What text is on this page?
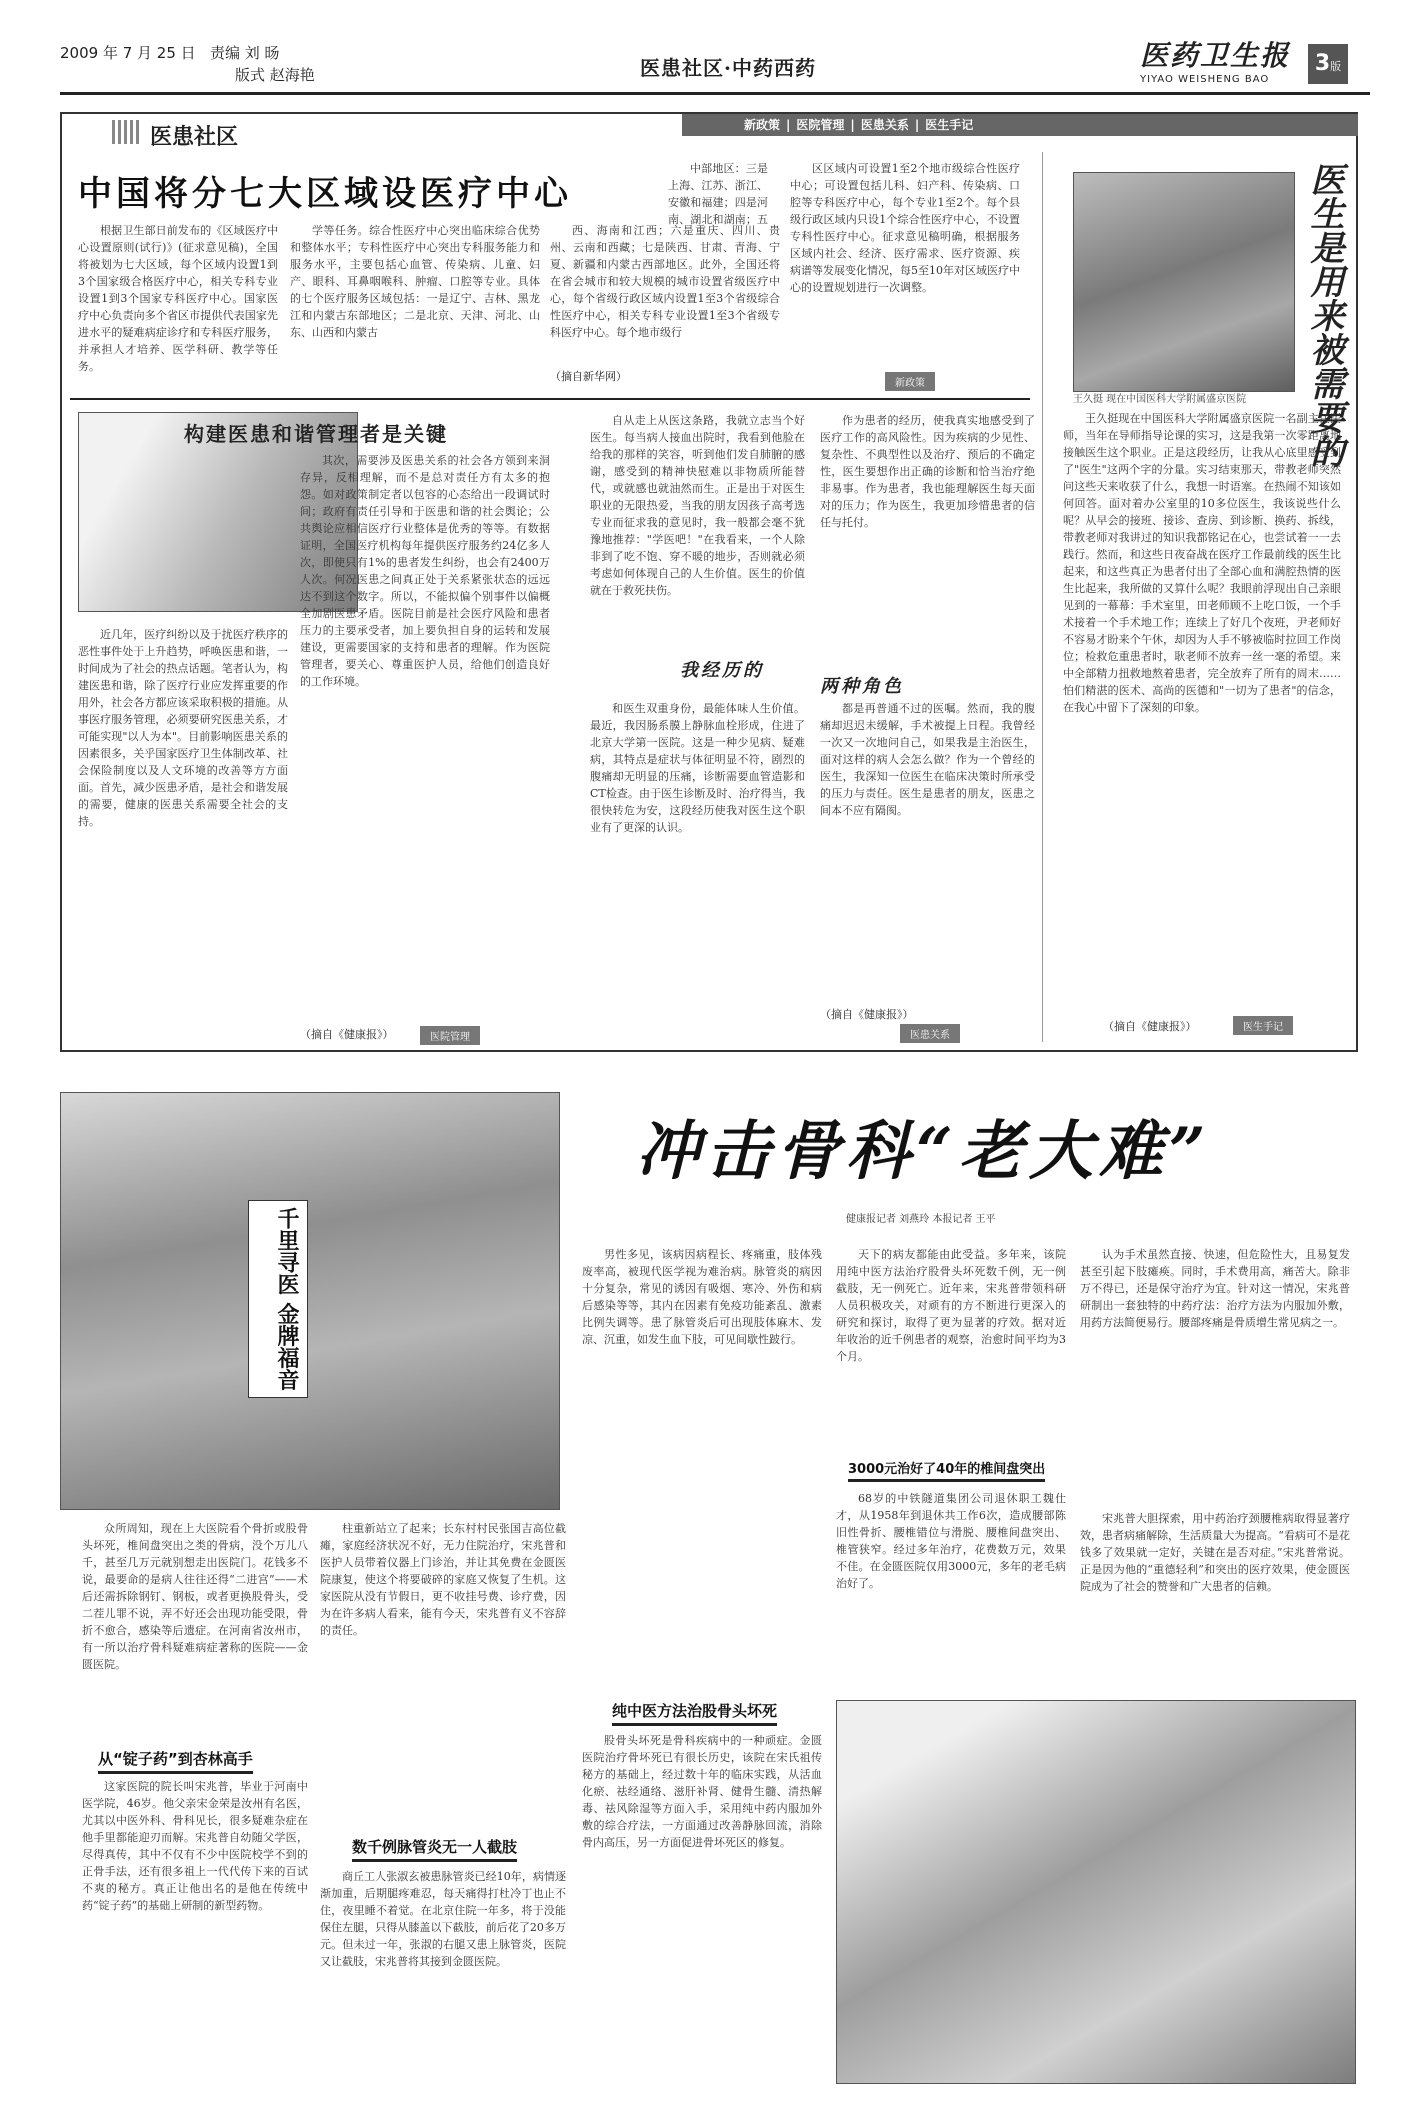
2009 年 7 月 25 日 责编 刘 旸
版式 赵海艳	医患社区·中药西药	医药卫生报
YIYAO WEISHENG BAO
3版
医患社区	新政策 | 医院管理 | 医患关系 | 医生手记
中国将分七大区域设医疗中心

中部地区：三是上海、江苏、浙江、安徽和福建；四是河南、湖北和湖南；五

根据卫生部日前发布的《区域医疗中心设置原则(试行)》(征求意见稿)，全国将被划为七大区域，每个区域内设置1到3个国家级合格医疗中心，相关专科专业设置1到3个国家专科医疗中心。国家医疗中心负责向多个省区市提供代表国家先进水平的疑难病症诊疗和专科医疗服务，并承担人才培养、医学科研、教学等任务。

学等任务。综合性医疗中心突出临床综合优势和整体水平；专科性医疗中心突出专科服务能力和服务水平，主要包括心血管、传染病、儿童、妇产、眼科、耳鼻咽喉科、肿瘤、口腔等专业。具体的七个医疗服务区域包括：一是辽宁、吉林、黑龙江和内蒙古东部地区；二是北京、天津、河北、山东、山西和内蒙古

西、海南和江西；六是重庆、四川、贵州、云南和西藏；七是陕西、甘肃、青海、宁夏、新疆和内蒙古西部地区。此外，全国还将在省会城市和较大规模的城市设置省级医疗中心，每个省级行政区域内设置1至3个省级综合性医疗中心，相关专科专业设置1至3个省级专科医疗中心。每个地市级行

区区域内可设置1至2个地市级综合性医疗中心；可设置包括儿科、妇产科、传染病、口腔等专科医疗中心，每个专业1至2个。每个县级行政区域内只设1个综合性医疗中心，不设置专科性医疗中心。征求意见稿明确，根据服务区域内社会、经济、医疗需求、医疗资源、疾病谱等发展变化情况，每5至10年对区域医疗中心的设置规划进行一次调整。

（摘自新华网）
新政策	医生是用来被需要的
王久挺 现在中国医科大学附属盛京医院

王久挺现在中国医科大学附属盛京医院一名副主任医师，当年在导师指导论课的实习，这是我第一次零距离地接触医生这个职业。正是这段经历，让我从心底里感受到了"医生"这两个字的分量。实习结束那天，带教老师突然问这些天来收获了什么，我想一时语塞。在热闹不知该如何回答。面对着办公室里的10多位医生，我该说些什么呢？从早会的接班、接诊、查房、到诊断、换药、拆线，带教老师对我讲过的知识我都铭记在心，也尝试着一一去践行。然而，和这些日夜奋战在医疗工作最前线的医生比起来，和这些真正为患者付出了全部心血和满腔热情的医生比起来，我所做的又算什么呢？我眼前浮现出自己亲眼见到的一幕幕：手术室里，田老师顾不上吃口饭，一个手术接着一个手术地工作；连续上了好几个夜班，尹老师好不容易才盼来个午休，却因为人手不够被临时拉回工作岗位；检救危重患者时，耿老师不放弃一丝一毫的希望。来中全部精力扭救地熬着患者，完全放弃了所有的周末……怕们精湛的医术、高尚的医德和"一切为了患者"的信念，在我心中留下了深刻的印象。

（摘自《健康报》）	医生手记
构建医患和谐管理者是关键

近几年，医疗纠纷以及于扰医疗秩序的恶性事件处于上升趋势，呼唤医患和谐，一时间成为了社会的热点话题。笔者认为，构建医患和谐，除了医疗行业应发挥重要的作用外，社会各方都应该采取积极的措施。从事医疗服务管理，必须要研究医患关系，才可能实现"以人为本"。目前影响医患关系的因素很多，关乎国家医疗卫生体制改革、社会保险制度以及人文环境的改善等方方面面。首先，减少医患矛盾，是社会和谐发展的需要，健康的医患关系需要全社会的支持。

其次，需要涉及医患关系的社会各方领到来洞存异，反相理解，而不是总对责任方有太多的抱怨。如对政策制定者以包容的心态给出一段调试时间；政府有责任引导和于医患和谐的社会舆论；公共舆论应相信医疗行业整体是优秀的等等。有数据证明，全国医疗机构每年提供医疗服务约24亿多人次，即使只有1%的患者发生纠纷，也会有2400万人次。何况医患之间真正处于关系紧张状态的远远达不到这个数字。所以，不能拟偏个别事件以偏概全加剧医患矛盾。医院目前是社会医疗风险和患者压力的主要承受者，加上要负担自身的运转和发展建设，更需要国家的支持和患者的理解。作为医院管理者，要关心、尊重医护人员，给他们创造良好的工作环境。

（摘自《健康报》）	医院管理

自从走上从医这条路，我就立志当个好医生。每当病人接血出院时，我看到他脸在给我的那样的笑容，听到他们发自肺腑的感谢，感受到的精神快慰难以非物质所能替代，或就感也就油然而生。正是出于对医生职业的无限热爱，当我的朋友因孩子高考选专业而征求我的意见时，我一般都会毫不犹豫地推荐："学医吧！"在我看来，一个人除非到了吃不饱、穿不暖的地步，否则就必须考虑如何体现自己的人生价值。医生的价值就在于救死扶伤。

作为患者的经历，使我真实地感受到了医疗工作的高风险性。因为疾病的少见性、复杂性、不典型性以及治疗、预后的不确定性，医生要想作出正确的诊断和恰当治疗绝非易事。作为患者，我也能理解医生每天面对的压力；作为医生，我更加珍惜患者的信任与托付。

我经历的
两种角色

和医生双重身份，最能体味人生价值。最近，我因肠系膜上静脉血栓形成，住进了北京大学第一医院。这是一种少见病、疑难病，其特点是症状与体征明显不符，剧烈的腹痛却无明显的压痛，诊断需要血管造影和CT检查。由于医生诊断及时、治疗得当，我很快转危为安，这段经历使我对医生这个职业有了更深的认识。

都是再普通不过的医嘱。然而，我的腹痛却迟迟未缓解，手术被提上日程。我曾经一次又一次地问自己，如果我是主治医生，面对这样的病人会怎么做？作为一个曾经的医生，我深知一位医生在临床决策时所承受的压力与责任。医生是患者的朋友，医患之间本不应有隔阂。

（摘自《健康报》）
医患关系
千里寻医 金牌福音
冲击骨科“老大难”
健康报记者 刘燕玲 本报记者 王平

众所周知，现在上大医院看个骨折或股骨头坏死，椎间盘突出之类的骨病，没个万儿八千，甚至几万元就别想走出医院门。花钱多不说，最要命的是病人往往还得“二进宫”——术后还需拆除钢钉、钢板，或者更换股骨头，受二茬儿罪不说，弄不好还会出现功能受限，骨折不愈合，感染等后遗症。在河南省汝州市，有一所以治疗骨科疑难病症著称的医院——金匮医院。

从“锭子药”到杏林高手

这家医院的院长叫宋兆普，毕业于河南中医学院，46岁。他父亲宋金荣是汝州有名医，尤其以中医外科、骨科见长，很多疑难杂症在他手里都能迎刃而解。宋兆普自幼随父学医，尽得真传，其中不仅有不少中医院校学不到的正骨手法，还有很多祖上一代代传下来的百试不爽的秘方。真正让他出名的是他在传统中药“锭子药”的基础上研制的新型药物。

柱重新站立了起来；长东村村民张国吉高位截瘫，家庭经济状况不好，无力住院治疗，宋兆普和医护人员带着仪器上门诊治，并让其免费在金匮医院康复，使这个将要破碎的家庭又恢复了生机。这家医院从没有节假日，更不收挂号费、诊疗费，因为在许多病人看来，能有今天，宋兆普有义不容辞的责任。

数千例脉管炎无一人截肢

商丘工人张淑玄被患脉管炎已经10年，病情逐渐加重，后期腿疼难忍，每天痛得打杜冷丁也止不住，夜里睡不着觉。在北京住院一年多，将于没能保住左腿，只得从膝盖以下截肢，前后花了20多万元。但未过一年，张淑的右腿又患上脉管炎，医院又让截肢，宋兆普将其接到金匮医院。

男性多见，该病因病程长、疼痛重，肢体残废率高，被现代医学视为难治病。脉管炎的病因十分复杂，常见的诱因有吸烟、寒冷、外伤和病后感染等等，其内在因素有免疫功能紊乱、激素比例失调等。患了脉管炎后可出现肢体麻木、发凉、沉重，如发生血下肢，可见间歇性跛行。

纯中医方法治股骨头坏死

股骨头坏死是骨科疾病中的一种顽症。金匮医院治疗骨坏死已有很长历史，该院在宋氏祖传秘方的基础上，经过数十年的临床实践，从活血化瘀、祛经通络、滋肝补肾、健骨生髓、清热解毒、祛风除湿等方面入手，采用纯中药内服加外敷的综合疗法，一方面通过改善静脉回流，消除骨内高压，另一方面促进骨坏死区的修复。

天下的病友都能由此受益。多年来，该院用纯中医方法治疗股骨头坏死数千例，无一例截肢，无一例死亡。近年来，宋兆普带领科研人员积极攻关，对顽有的方不断进行更深入的研究和探讨，取得了更为显著的疗效。据对近年收治的近千例患者的观察，治愈时间平均为3个月。

3000元治好了40年的椎间盘突出

68岁的中铁隧道集团公司退休职工魏仕才，从1958年到退休共工作6次，造成腰部陈旧性骨折、腰椎错位与滑脱、腰椎间盘突出、椎管狭窄。经过多年治疗，花费数万元，效果不佳。在金匮医院仅用3000元，多年的老毛病治好了。

认为手术虽然直接、快速，但危险性大，且易复发甚至引起下肢瘫痪。同时，手术费用高，痛苦大。除非万不得已，还是保守治疗为宜。针对这一情况，宋兆普研制出一套独特的中药疗法：治疗方法为内服加外敷，用药方法简便易行。腰部疼痛是骨质增生常见病之一。

宋兆普大胆探索，用中药治疗颈腰椎病取得显著疗效，患者病痛解除，生活质量大为提高。“看病可不是花钱多了效果就一定好，关键在是否对症。”宋兆普常说。正是因为他的“重德轻利”和突出的医疗效果，使金匮医院成为了社会的赞誉和广大患者的信赖。
